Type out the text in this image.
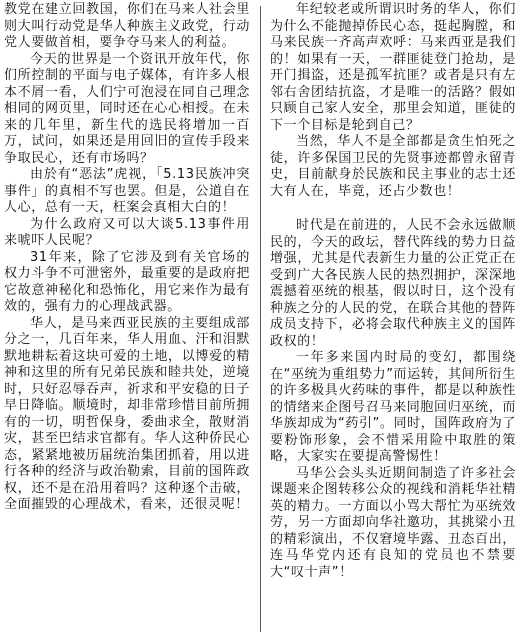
教党在建立回教国，你们在马来人社会里则大叫行动党是华人种族主义政党，行动党人要做首相，要争夺马来人的利益。

今天的世界是一个资讯开放年代，你们所控制的平面与电子媒体，有许多人根本不屑一看，人们宁可泡浸在同自己理念相同的网页里，同时还在心心相授。在未来的几年里，新生代的选民将增加一百万，试问，如果还是用回旧的宣传手段来争取民心，还有市场吗？

由於有“恶法”虎视，「5.13民族冲突事件」的真相不写也罢。但是，公道自在人心，总有一天，枉案会真相大白的！

为什么政府又可以大谈5.13事件用来唬吓人民呢？

31年来，除了它涉及到有关官场的权力斗争不可泄密外，最重要的是政府把它故意神秘化和恐怖化，用它来作为最有效的，强有力的心理战武器。

华人，是马来西亚民族的主要组成部分之一，几百年来，华人用血、汗和泪默默地耕耘着这块可爱的土地，以博爱的精神和这里的所有兄弟民族和睦共处，逆境时，只好忍辱吞声，祈求和平安稳的日子早日降临。顺境时，却非常珍惜目前所拥有的一切，明哲保身，委曲求全，散财消灾，甚至巴结求官都有。华人这种侨民心态，紧紧地被历届统治集团抓着，用以进行各种的经济与政治勒索，目前的国阵政权，还不是在沿用着吗？这种逐个击破，全面摧毁的心理战术，看来，还很灵呢！

年纪较老或所谓识时务的华人，你们为什么不能抛掉侨民心态，挺起胸膛，和马来民族一齐高声欢呼：马来西亚是我们的！如果有一天，一群匪徒登门抢劫，是开门揖盗，还是孤军抗匪？或者是只有左邻右舍团结抗盗，才是唯一的活路？假如只顾自己家人安全，那里会知道，匪徒的下一个目标是轮到自己？

当然，华人不是全部都是贪生怕死之徒，许多保国卫民的先贤事迹都曾永留青史，目前献身於民族和民主事业的志士还大有人在，毕竟，还占少数也！

时代是在前进的，人民不会永远做顺民的，今天的政坛，替代阵线的势力日益增强，尤其是代表新生力量的公正党正在受到广大各民族人民的热烈拥护，深深地震撼着巫统的根基，假以时日，这个没有种族之分的人民的党，在联合其他的替阵成员支持下，必将会取代种族主义的国阵政权的！

一年多来国内时局的变幻，都围绕在“巫统为重组势力”而运转，其间所衍生的许多极具火药味的事件，都是以种族性的情绪来企图号召马来同胞回归巫统，而华族却成为“药引”。同时，国阵政府为了要粉饰形象，会不惜采用险中取胜的策略，大家实在要提高警惕性！

马华公会头头近期间制造了许多社会课题来企图转移公众的视线和消耗华社精英的精力。一方面以小骂大帮忙为巫统效劳，另一方面却向华社邀功，其挑梁小丑的精彩演出，不仅窘境毕露、丑态百出，连马华党内还有良知的党员也不禁要大“叹十声”！
